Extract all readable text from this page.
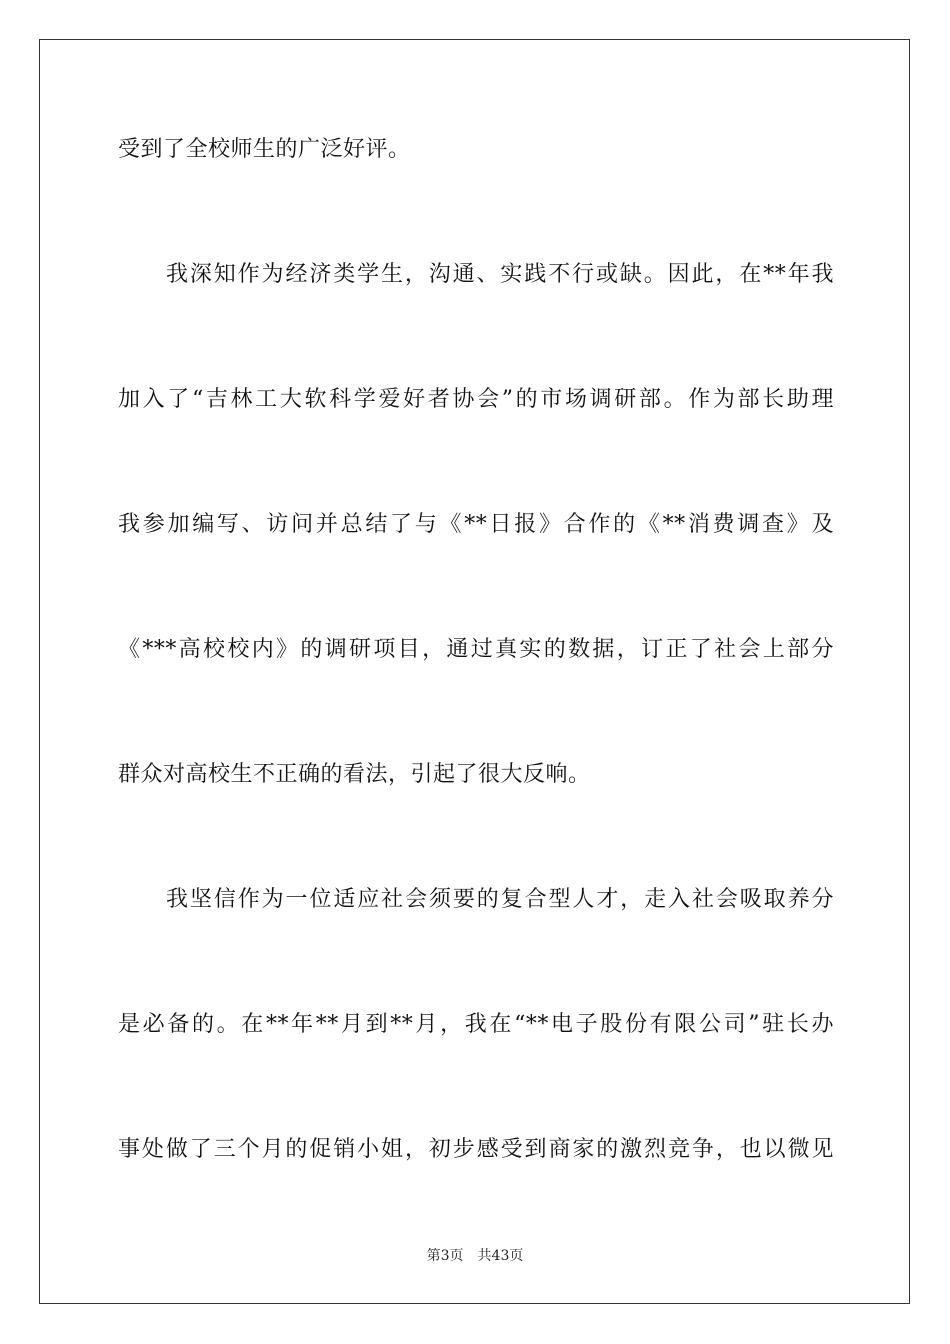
受到了全校师生的广泛好评。
我深知作为经济类学生，沟通、实践不行或缺。因此，在**年我
加入了“吉林工大软科学爱好者协会”的市场调研部。作为部长助理
我参加编写、访问并总结了与《**日报》合作的《**消费调查》及
《***高校校内》的调研项目，通过真实的数据，订正了社会上部分
群众对高校生不正确的看法，引起了很大反响。
我坚信作为一位适应社会须要的复合型人才，走入社会吸取养分
是必备的。在**年**月到**月，我在“**电子股份有限公司”驻长办
事处做了三个月的促销小姐，初步感受到商家的激烈竞争，也以微见
第3页 共43页
